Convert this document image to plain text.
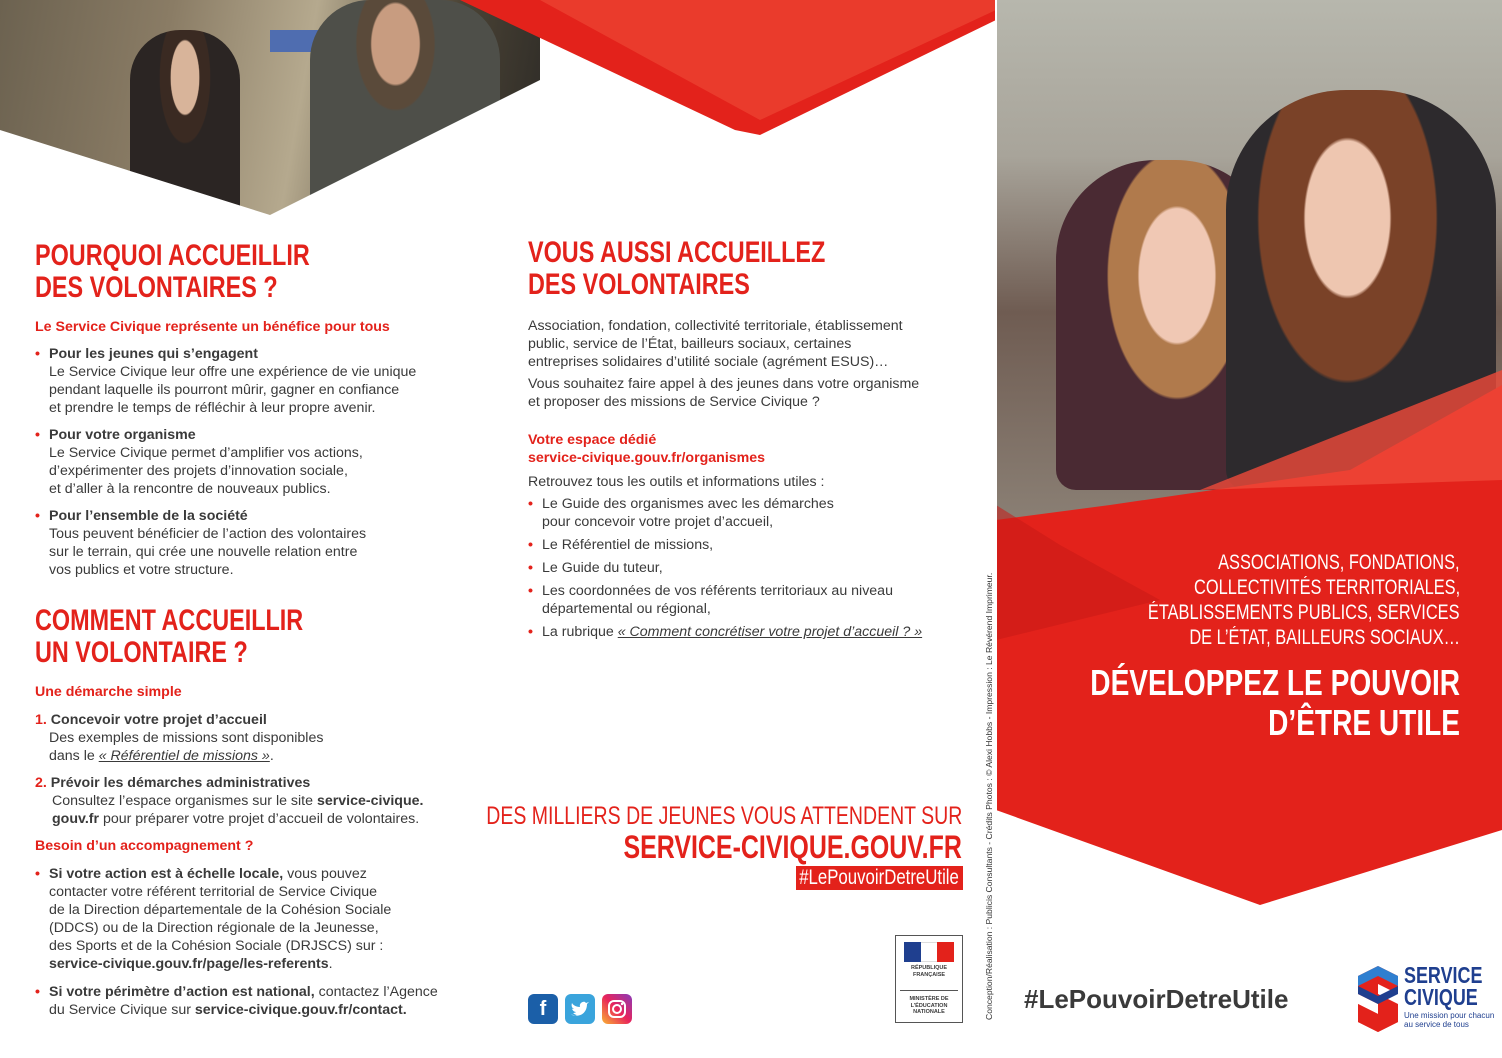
POURQUOI ACCUEILLIR
DES VOLONTAIRES ?
Le Service Civique représente un bénéfice pour tous
• Pour les jeunes qui s’engagent
Le Service Civique leur offre une expérience de vie unique
pendant laquelle ils pourront mûrir, gagner en confiance
et prendre le temps de réfléchir à leur propre avenir.
• Pour votre organisme
Le Service Civique permet d’amplifier vos actions,
d’expérimenter des projets d’innovation sociale,
et d’aller à la rencontre de nouveaux publics.
• Pour l’ensemble de la société
Tous peuvent bénéficier de l’action des volontaires
sur le terrain, qui crée une nouvelle relation entre
vos publics et votre structure.
COMMENT ACCUEILLIR
UN VOLONTAIRE ?
Une démarche simple
1. Concevoir votre projet d’accueil
Des exemples de missions sont disponibles
dans le « Référentiel de missions ».
2. Prévoir les démarches administratives
Consultez l’espace organismes sur le site service-civique.
gouv.fr pour préparer votre projet d’accueil de volontaires.
Besoin d’un accompagnement ?
• Si votre action est à échelle locale, vous pouvez
contacter votre référent territorial de Service Civique
de la Direction départementale de la Cohésion Sociale
(DDCS) ou de la Direction régionale de la Jeunesse,
des Sports et de la Cohésion Sociale (DRJSCS) sur :
service-civique.gouv.fr/page/les-referents.
• Si votre périmètre d’action est national, contactez l’Agence
du Service Civique sur service-civique.gouv.fr/contact.
VOUS AUSSI ACCUEILLEZ
DES VOLONTAIRES
Association, fondation, collectivité territoriale, établissement
public, service de l’État, bailleurs sociaux, certaines
entreprises solidaires d’utilité sociale (agrément ESUS)…
Vous souhaitez faire appel à des jeunes dans votre organisme
et proposer des missions de Service Civique ?
Votre espace dédié
service-civique.gouv.fr/organismes
Retrouvez tous les outils et informations utiles :
• Le Guide des organismes avec les démarches
pour concevoir votre projet d’accueil,
• Le Référentiel de missions,
• Le Guide du tuteur,
• Les coordonnées de vos référents territoriaux au niveau
départemental ou régional,
• La rubrique « Comment concrétiser votre projet d’accueil ? »
DES MILLIERS DE JEUNES VOUS ATTENDENT SUR
SERVICE-CIVIQUE.GOUV.FR
#LePouvoirDetreUtile
f
RÉPUBLIQUE FRANÇAISE
MINISTÈRE DE L’ÉDUCATION NATIONALE	Conception/Réalisation : Publicis Consultants - Crédits Photos : © Alexi Hobbs - Impression : Le Révérend Imprimeur.
ASSOCIATIONS, FONDATIONS,
COLLECTIVITÉS TERRITORIALES,
ÉTABLISSEMENTS PUBLICS, SERVICES
DE L’ÉTAT, BAILLEURS SOCIAUX…
DÉVELOPPEZ LE POUVOIR
D’ÊTRE UTILE
#LePouvoirDetreUtile
SERVICE
CIVIQUE
Une mission pour chacun
au service de tous
